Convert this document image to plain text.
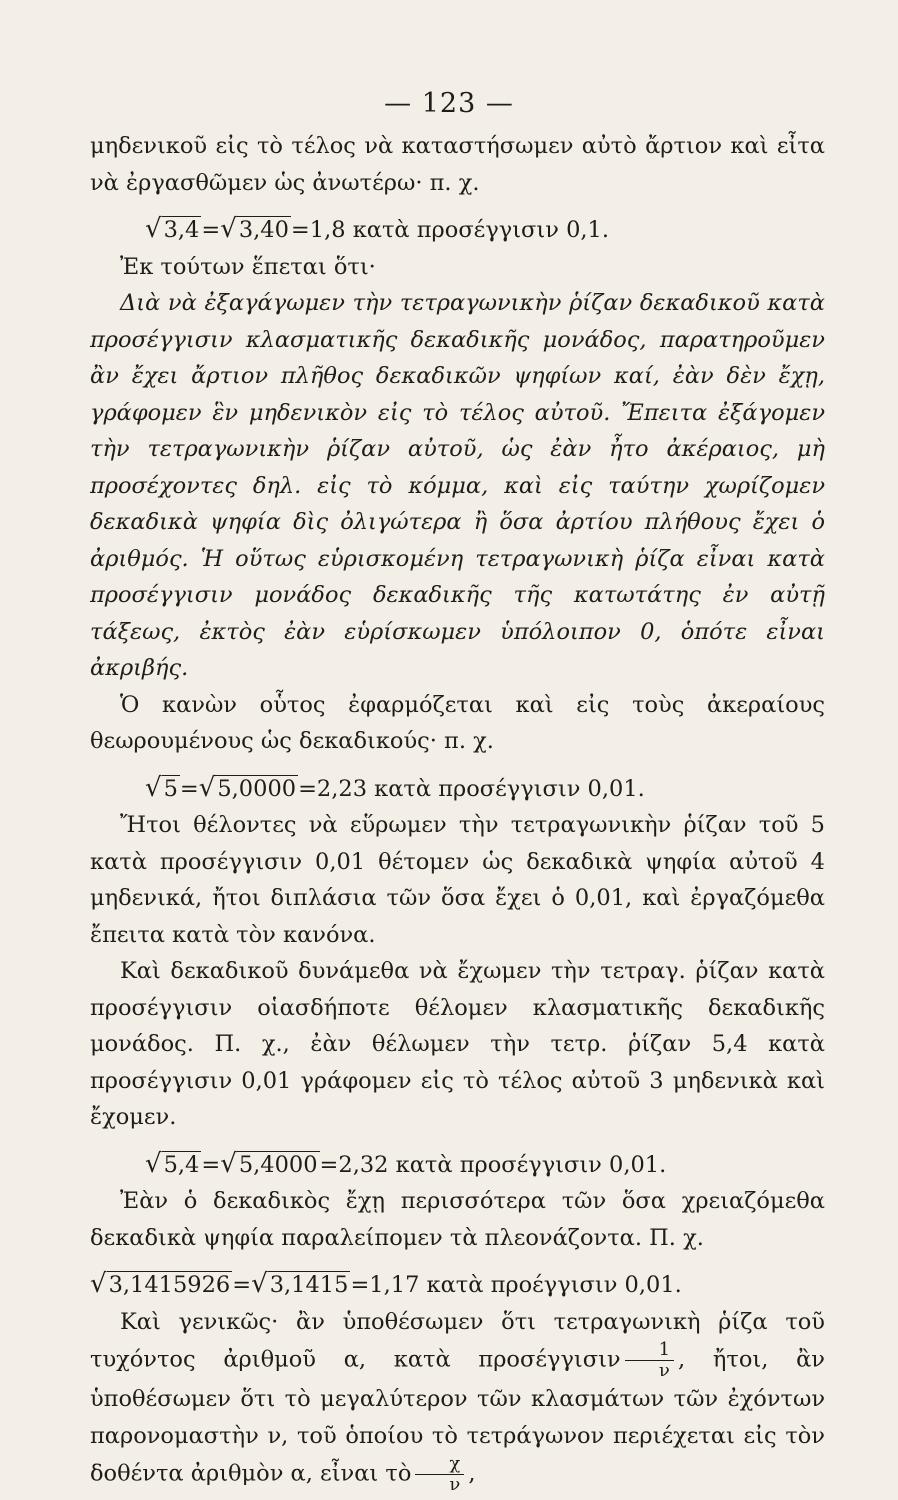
— 123 —

μηδενικοῦ εἰς τὸ τέλος νὰ καταστήσωμεν αὐτὸ ἄρτιον καὶ εἶτα νὰ ἐργασθῶμεν ὡς ἀνωτέρω· π. χ.

√3,4=√3,40=1,8 κατὰ προσέγγισιν 0,1.

Ἐκ τούτων ἕπεται ὅτι·

Διὰ νὰ ἐξαγάγωμεν τὴν τετραγωνικὴν ῥίζαν δεκαδικοῦ κατὰ προσέγγισιν κλασματικῆς δεκαδικῆς μονάδος, παρατηροῦμεν ἂν ἔχει ἄρτιον πλῆθος δεκαδικῶν ψηφίων καί, ἐὰν δὲν ἔχῃ, γράφομεν ἓν μηδενικὸν εἰς τὸ τέλος αὐτοῦ. Ἔπειτα ἐξάγομεν τὴν τετραγωνικὴν ῥίζαν αὐτοῦ, ὡς ἐὰν ἦτο ἀκέραιος, μὴ προσέχοντες δηλ. εἰς τὸ κόμμα, καὶ εἰς ταύτην χωρίζομεν δεκαδικὰ ψηφία δὶς ὀλιγώτερα ἢ ὅσα ἀρτίου πλήθους ἔχει ὁ ἀριθμός. Ἡ οὕτως εὑρισκομένη τετραγωνικὴ ῥίζα εἶναι κατὰ προσέγγισιν μονάδος δεκαδικῆς τῆς κατωτάτης ἐν αὐτῇ τάξεως, ἐκτὸς ἐὰν εὑρίσκωμεν ὑπόλοιπον 0, ὁπότε εἶναι ἀκριβής.

Ὁ κανὼν οὗτος ἐφαρμόζεται καὶ εἰς τοὺς ἀκεραίους θεωρουμένους ὡς δεκαδικούς· π. χ.

√5=√5,0000=2,23 κατὰ προσέγγισιν 0,01.

Ἤτοι θέλοντες νὰ εὕρωμεν τὴν τετραγωνικὴν ῥίζαν τοῦ 5 κατὰ προσέγγισιν 0,01 θέτομεν ὡς δεκαδικὰ ψηφία αὐτοῦ 4 μηδενικά, ἤτοι διπλάσια τῶν ὅσα ἔχει ὁ 0,01, καὶ ἐργαζόμεθα ἔπειτα κατὰ τὸν κανόνα.

Καὶ δεκαδικοῦ δυνάμεθα νὰ ἔχωμεν τὴν τετραγ. ῥίζαν κατὰ προσέγγισιν οἱασδήποτε θέλομεν κλασματικῆς δεκαδικῆς μονάδος. Π. χ., ἐὰν θέλωμεν τὴν τετρ. ῥίζαν 5,4 κατὰ προσέγγισιν 0,01 γράφομεν εἰς τὸ τέλος αὐτοῦ 3 μηδενικὰ καὶ ἔχομεν.

√5,4=√5,4000=2,32 κατὰ προσέγγισιν 0,01.

Ἐὰν ὁ δεκαδικὸς ἔχῃ περισσότερα τῶν ὅσα χρειαζόμεθα δεκαδικὰ ψηφία παραλείπομεν τὰ πλεονάζοντα. Π. χ.

√3,1415926=√3,1415=1,17 κατὰ προέγγισιν 0,01.

Καὶ γενικῶς· ἂν ὑποθέσωμεν ὅτι τετραγωνικὴ ῥίζα τοῦ τυχόντος ἀριθμοῦ α, κατὰ προσέγγισιν $\frac{1}{\nu}$ , ἤτοι, ἂν ὑποθέσωμεν ὅτι τὸ μεγαλύτερον τῶν κλασμάτων τῶν ἐχόντων παρονομαστὴν ν, τοῦ ὁποίου τὸ τετράγωνον περιέχεται εἰς τὸν δοθέντα ἀριθμὸν α, εἶναι τὸ $\frac{\chi}{\nu}$ ,
